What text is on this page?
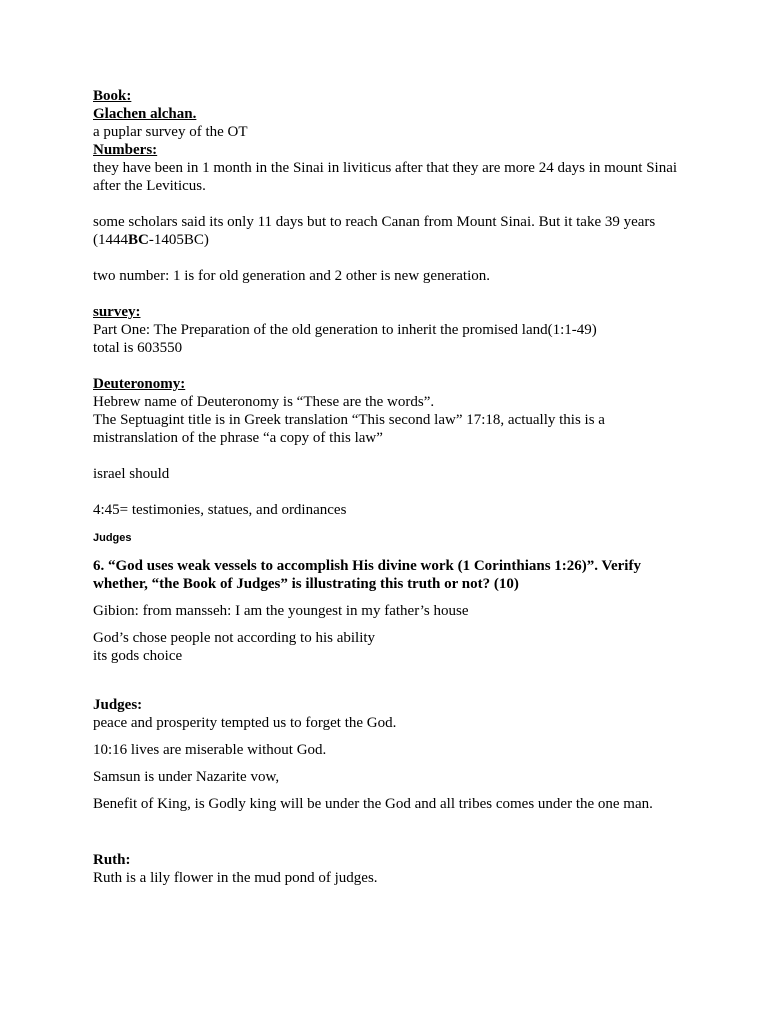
Book:
Glachen alchan.
a puplar survey of the OT
Numbers:
they have been in 1 month in the Sinai in liviticus after that they are more 24 days in mount Sinai after the Leviticus.
some scholars said its only 11 days but to reach Canan from Mount Sinai. But it take 39 years
(1444BC-1405BC)
two number: 1 is for old generation and 2 other is new generation.
survey:
Part One: The Preparation of the old generation to inherit the promised land(1:1-49)
total is 603550
Deuteronomy:
Hebrew name of Deuteronomy is “These are the words”.
The Septuagint title is in Greek translation “This second law” 17:18, actually this is a mistranslation of the phrase “a copy of this law”
israel should
4:45= testimonies, statues, and ordinances
Judges
6. “God uses weak vessels to accomplish His divine work (1 Corinthians 1:26)”. Verify whether, “the Book of Judges” is illustrating this truth or not? (10)
Gibion: from mansseh: I am the youngest in my father’s house
God’s chose people not according to his ability
its gods choice
Judges:
peace and prosperity tempted us to forget the God.
10:16 lives are miserable without God.
Samsun is under Nazarite vow,
Benefit of King, is Godly king will be under the God and all tribes comes under the one man.
Ruth:
Ruth is a lily flower in the mud pond of judges.
